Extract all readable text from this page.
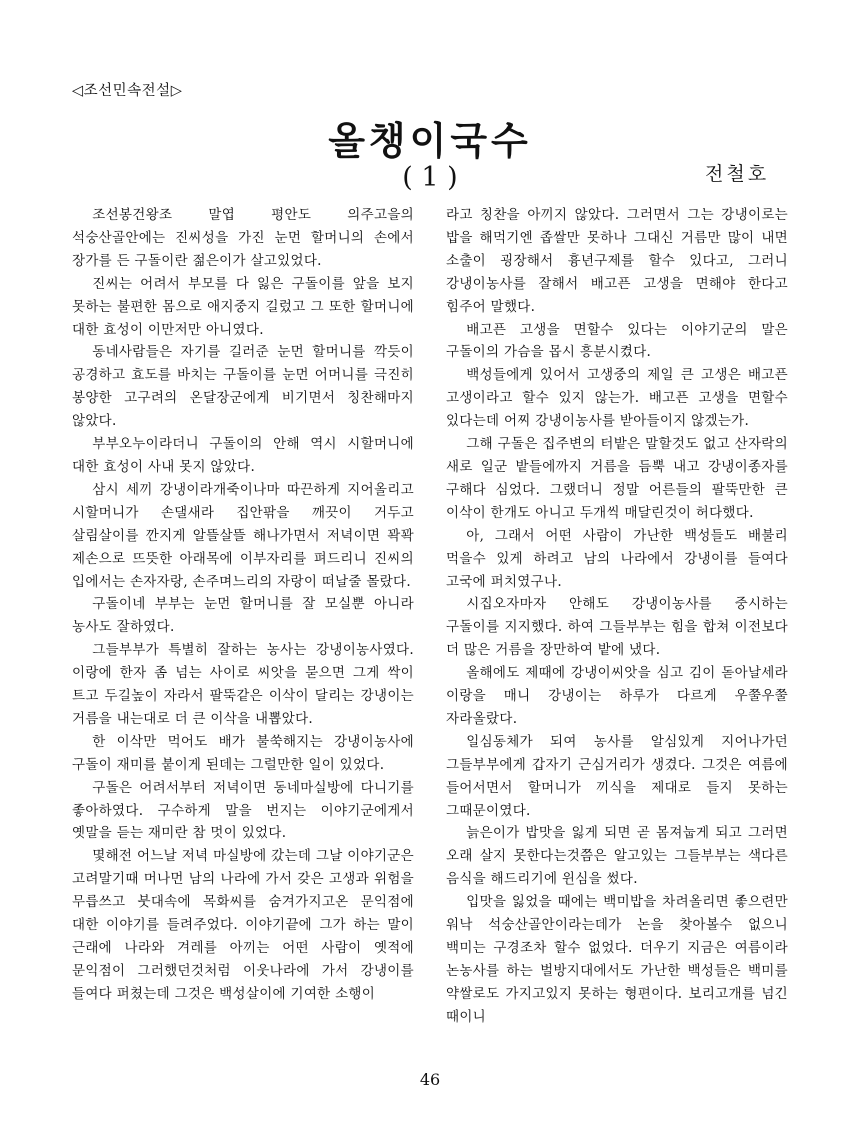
◁조선민속전설▷
올챙이국수
( 1 )	전철호

조선봉건왕조 말엽 평안도 의주고을의 석숭산골안에는 진씨성을 가진 눈먼 할머니의 손에서 장가를 든 구돌이란 젊은이가 살고있었다.

진씨는 어려서 부모를 다 잃은 구돌이를 앞을 보지 못하는 불편한 몸으로 애지중지 길렀고 그 또한 할머니에 대한 효성이 이만저만 아니였다.

동네사람들은 자기를 길러준 눈먼 할머니를 깍듯이 공경하고 효도를 바치는 구돌이를 눈먼 어머니를 극진히 봉양한 고구려의 온달장군에게 비기면서 칭찬해마지 않았다.

부부오누이라더니 구돌이의 안해 역시 시할머니에 대한 효성이 사내 못지 않았다.

삼시 세끼 강냉이라개죽이나마 따끈하게 지어올리고 시할머니가 손댈새라 집안팎을 깨끗이 거두고 살림살이를 깐지게 알뜰살뜰 해나가면서 저녁이면 꽉꽉 제손으로 뜨뜻한 아래목에 이부자리를 펴드리니 진씨의 입에서는 손자자랑, 손주며느리의 자랑이 떠날줄 몰랐다.

구돌이네 부부는 눈먼 할머니를 잘 모실뿐 아니라 농사도 잘하였다.

그들부부가 특별히 잘하는 농사는 강냉이농사였다. 이랑에 한자 좀 넘는 사이로 씨앗을 묻으면 그게 싹이 트고 두길높이 자라서 팔뚝같은 이삭이 달리는 강냉이는 거름을 내는대로 더 큰 이삭을 내뽑았다.

한 이삭만 먹어도 배가 불쑥해지는 강냉이농사에 구돌이 재미를 붙이게 된데는 그럴만한 일이 있었다.

구돌은 어려서부터 저녁이면 동네마실방에 다니기를 좋아하였다. 구수하게 말을 번지는 이야기군에게서 옛말을 듣는 재미란 참 멋이 있었다.

몇해전 어느날 저녁 마실방에 갔는데 그날 이야기군은 고려말기때 머나먼 남의 나라에 가서 갖은 고생과 위험을 무릅쓰고 붓대속에 목화씨를 숨겨가지고온 문익점에 대한 이야기를 들려주었다. 이야기끝에 그가 하는 말이 근래에 나라와 겨레를 아끼는 어떤 사람이 옛적에 문익점이 그러했던것처럼 이웃나라에 가서 강냉이를 들여다 퍼쳤는데 그것은 백성살이에 기여한 소행이

라고 칭찬을 아끼지 않았다. 그러면서 그는 강냉이로는 밥을 해먹기엔 좁쌀만 못하나 그대신 거름만 많이 내면 소출이 굉장해서 흉년구제를 할수 있다고, 그러니 강냉이농사를 잘해서 배고픈 고생을 면해야 한다고 힘주어 말했다.

배고픈 고생을 면할수 있다는 이야기군의 말은 구돌이의 가슴을 몹시 흥분시켰다.

백성들에게 있어서 고생중의 제일 큰 고생은 배고픈 고생이라고 할수 있지 않는가. 배고픈 고생을 면할수 있다는데 어찌 강냉이농사를 받아들이지 않겠는가.

그해 구돌은 집주변의 터밭은 말할것도 없고 산자락의 새로 일군 밭들에까지 거름을 듬뿍 내고 강냉이종자를 구해다 심었다. 그랬더니 정말 어른들의 팔뚝만한 큰 이삭이 한개도 아니고 두개씩 매달린것이 허다했다.

아, 그래서 어떤 사람이 가난한 백성들도 배불리 먹을수 있게 하려고 남의 나라에서 강냉이를 들여다 고국에 퍼치였구나.

시집오자마자 안해도 강냉이농사를 중시하는 구돌이를 지지했다. 하여 그들부부는 힘을 합쳐 이전보다 더 많은 거름을 장만하여 밭에 냈다.

올해에도 제때에 강냉이씨앗을 심고 김이 돋아날세라 이랑을 매니 강냉이는 하루가 다르게 우쭐우쭐 자라올랐다.

일심동체가 되여 농사를 알심있게 지어나가던 그들부부에게 갑자기 근심거리가 생겼다. 그것은 여름에 들어서면서 할머니가 끼식을 제대로 들지 못하는 그때문이였다.

늙은이가 밥맛을 잃게 되면 곧 몸져눕게 되고 그러면 오래 살지 못한다는것쯤은 알고있는 그들부부는 색다른 음식을 해드리기에 윈심을 썼다.

입맛을 잃었을 때에는 백미밥을 차려올리면 좋으련만 워낙 석숭산골안이라는데가 논을 찾아볼수 없으니 백미는 구경조차 할수 없었다. 더우기 지금은 여름이라 논농사를 하는 벌방지대에서도 가난한 백성들은 백미를 약쌀로도 가지고있지 못하는 형편이다. 보리고개를 넘긴 때이니

46
